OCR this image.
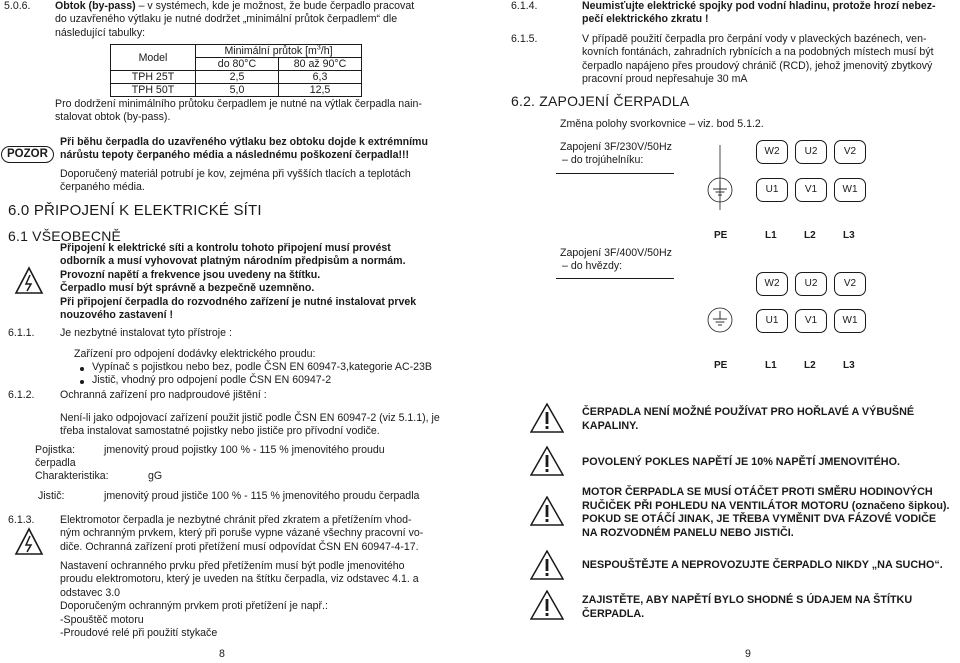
5.0.6. Obtok (by-pass) – v systémech, kde je možnost, že bude čerpadlo pracovat
do uzavřeného výtlaku je nutné dodržet „minimální průtok čerpadlem“ dle
následující tabulky:
Model	Minimální průtok $[m^3/h]$	
	do 80°C	80 až 90°C
TPH 25T	2,5	6,3
TPH 50T	5,0	12,5
Pro dodržení minimálního průtoku čerpadlem je nutné na výtlak čerpadla nain-
stalovat obtok (by-pass).
POZOR
Při běhu čerpadla do uzavřeného výtlaku bez obtoku dojde k extrémnímu
nárůstu tepoty čerpaného média a následnému poškození čerpadla!!!
Doporučený materiál potrubí je kov, zejména při vyšších tlacích a teplotách
čerpaného média.
6.0 PŘIPOJENÍ K ELEKTRICKÉ SÍTI
6.1 VŠEOBECNĚ
Připojení k elektrické síti a kontrolu tohoto připojení musí provést
odborník a musí vyhovovat platným národním předpisům a normám.
Provozní napětí a frekvence jsou uvedeny na štítku.
Čerpadlo musí být správně a bezpečně uzemněno.
Při připojení čerpadla do rozvodného zařízení je nutné instalovat prvek
nouzového zastavení !
6.1.1. Je nezbytné instalovat tyto přístroje :
Zařízení pro odpojení dodávky elektrického proudu:
Vypínač s pojistkou nebo bez, podle ČSN EN 60947-3,kategorie AC-23B
Jistič, vhodný pro odpojení podle ČSN EN 60947-2
6.1.2. Ochranná zařízení pro nadproudové jištění :
Není-li jako odpojovací zařízení použit jistič podle ČSN EN 60947-2 (viz 5.1.1), je
třeba instalovat samostatné pojistky nebo jističe pro přívodní vodiče.
Pojistka:	jmenovitý proud pojistky 100 % - 115 % jmenovitého proudu
čerpadla
Charakteristika:	gG
Jistič:	jmenovitý proud jističe 100 % - 115 % jmenovitého proudu čerpadla
6.1.3. Elektromotor čerpadla je nezbytné chránit před zkratem a přetížením vhod-
ným ochranným prvkem, který při poruše vypne vázané všechny pracovní vo-
diče. Ochranná zařízení proti přetížení musí odpovídat ČSN EN 60947-4-17.
Nastavení ochranného prvku před přetížením musí být podle jmenovitého
proudu elektromotoru, který je uveden na štítku čerpadla, viz odstavec 4.1. a
odstavec 3.0
Doporučeným ochranným prvkem proti přetížení je např.:
-Spouštěč motoru
-Proudové relé při použití stykače
8
6.1.4.	Neumisťujte elektrické spojky pod vodní hladinu, protože hrozí nebez-
pečí elektrického zkratu !
6.1.5.	V případě použití čerpadla pro čerpání vody v plaveckých bazénech, ven-
kovních fontánách, zahradních rybnících a na podobných místech musí být
čerpadlo napájeno přes proudový chránič (RCD), jehož jmenovitý zbytkový
pracovní proud nepřesahuje 30 mA
6.2. ZAPOJENÍ ČERPADLA
Změna polohy svorkovnice – viz. bod 5.1.2.
Zapojení 3F/230V/50Hz
– do trojúhelníku:
W2	U2	V2
U1	V1	W1
PE	L1	L2	L3
Zapojení 3F/400V/50Hz
– do hvězdy:
W2	U2	V2
U1	V1	W1
PE	L1	L2	L3
ČERPADLA NENÍ MOŽNÉ POUŽÍVAT PRO HOŘLAVÉ A VÝBUŠNÉ
KAPALINY.
POVOLENÝ POKLES NAPĚTÍ JE 10% NAPĚTÍ JMENOVITÉHO.
MOTOR ČERPADLA SE MUSÍ OTÁČET PROTI SMĚRU HODINOVÝCH
RUČIČEK PŘI POHLEDU NA VENTILÁTOR MOTORU (označeno šipkou).
POKUD SE OTÁČÍ JINAK, JE TŘEBA VYMĚNIT DVA FÁZOVÉ VODIČE
NA ROZVODNÉM PANELU NEBO JISTIČI.
NESPOUŠTĚJTE A NEPROVOZUJTE ČERPADLO NIKDY „NA SUCHO“.
ZAJISTĚTE, ABY NAPĚTÍ BYLO SHODNÉ S ÚDAJEM NA ŠTÍTKU
ČERPADLA.
9
